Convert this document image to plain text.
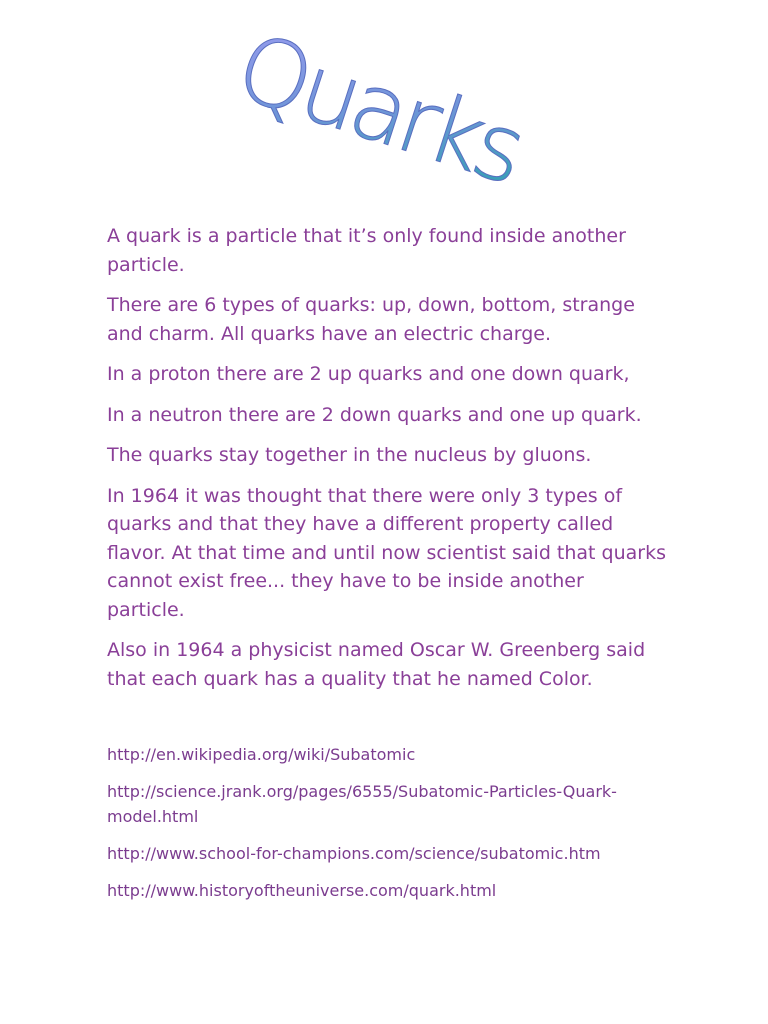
Quarks

A quark is a particle that it’s only found inside another particle.

There are 6 types of quarks: up, down, bottom, strange and charm. All quarks have an electric charge.

In a proton there are 2 up quarks and one down quark,

In a neutron there are 2 down quarks and one up quark.

The quarks stay together in the nucleus by gluons.

In 1964 it was thought that there were only 3 types of quarks and that they have a different property called flavor. At that time and until now scientist said that quarks cannot exist free... they have to be inside another particle.

Also in 1964 a physicist named Oscar W. Greenberg said that each quark has a quality that he named Color.

http://en.wikipedia.org/wiki/Subatomic

http://science.jrank.org/pages/6555/Subatomic-Particles-Quark-model.html

http://www.school-for-champions.com/science/subatomic.htm

http://www.historyoftheuniverse.com/quark.html
